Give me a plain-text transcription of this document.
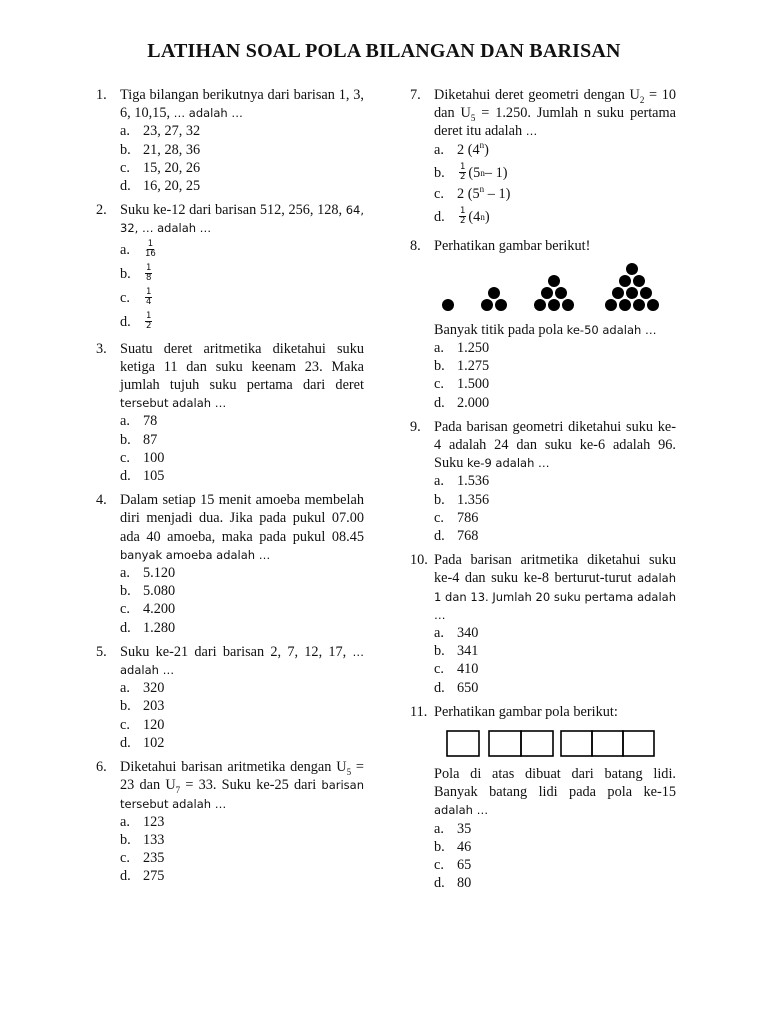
LATIHAN SOAL POLA BILANGAN DAN BARISAN
1. Tiga bilangan berikutnya dari barisan 1, 3, 6, 10,15, … adalah …
a. 23, 27, 32
b. 21, 28, 36
c. 15, 20, 26
d. 16, 20, 25
2. Suku ke-12 dari barisan 512, 256, 128, 64, 32, … adalah …
a.	$\frac{1}{16}$
b.	$\frac{1}{8}$
c.	$\frac{1}{4}$
d.	$\frac{1}{2}$
3. Suatu deret aritmetika diketahui suku ketiga 11 dan suku keenam 23. Maka jumlah tujuh suku pertama dari deret tersebut adalah …
a. 78
b. 87
c. 100
d. 105
4. Dalam setiap 15 menit amoeba membelah diri menjadi dua. Jika pada pukul 07.00 ada 40 amoeba, maka pada pukul 08.45 banyak amoeba adalah …
a. 5.120
b. 5.080
c. 4.200
d. 1.280
5. Suku ke-21 dari barisan 2, 7, 12, 17, … adalah …
a. 320
b. 203
c. 120
d. 102
6. Diketahui barisan aritmetika dengan $U_5 = 23$ dan $U_7 = 33$. Suku ke-25 dari barisan tersebut adalah …
a. 123
b. 133
c. 235
d. 275
7. Diketahui deret geometri dengan $U_2 = 10$ dan $U_5 = 1.250$. Jumlah n suku pertama deret itu adalah …
a. 2 (4$^n$)
b.	$\frac{1}{2} (5$ n – 1)
c. 2 (5$^n$ – 1)
d.	$\frac{1}{2} (4$ n )
8. Perhatikan gambar berikut!
Banyak titik pada pola ke-50 adalah …
a. 1.250
b. 1.275
c. 1.500
d. 2.000
9. Pada barisan geometri diketahui suku ke-4 adalah 24 dan suku ke-6 adalah 96. Suku ke-9 adalah …
a. 1.536
b. 1.356
c. 786
d. 768
10. Pada barisan aritmetika diketahui suku ke-4 dan suku ke-8 berturut-turut adalah 1 dan 13. Jumlah 20 suku pertama adalah …
a. 340
b. 341
c. 410
d. 650
11. Perhatikan gambar pola berikut:
Pola di atas dibuat dari batang lidi. Banyak batang lidi pada pola ke-15 adalah …
a. 35
b. 46
c. 65
d. 80
